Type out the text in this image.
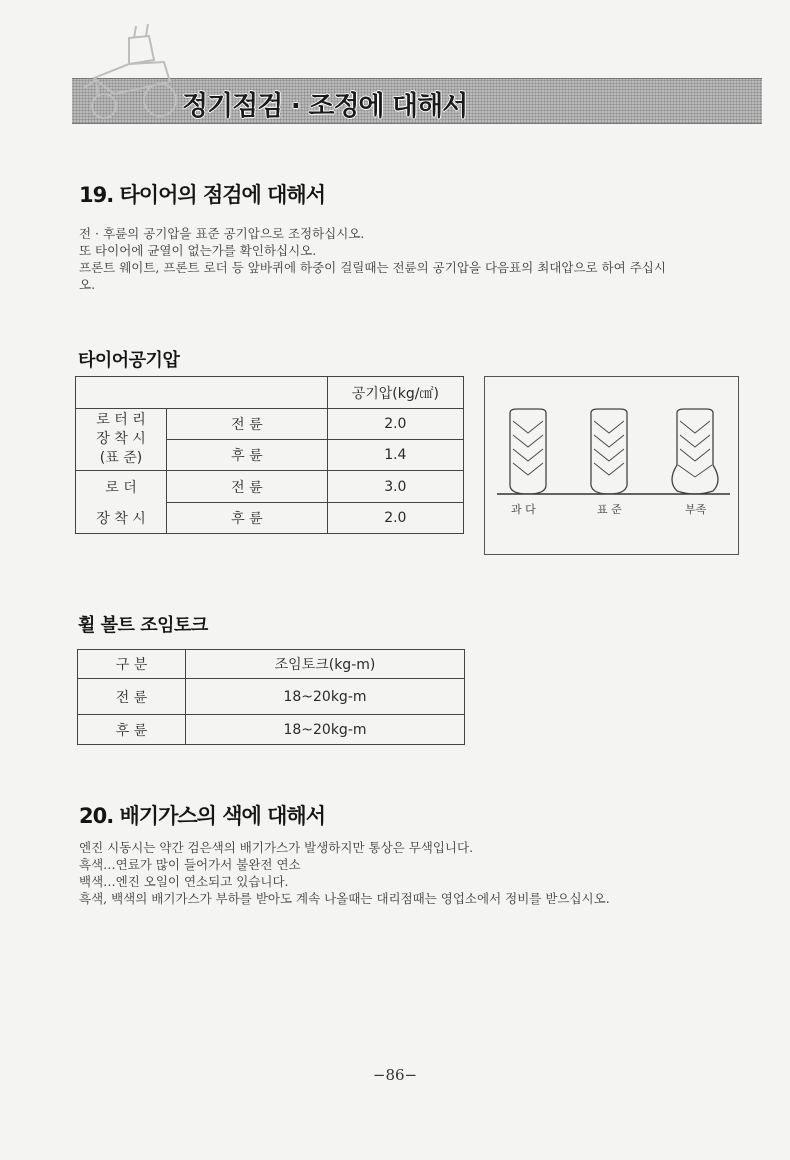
정기점검 · 조정에 대해서
19. 타이어의 점검에 대해서
전 · 후륜의 공기압을 표준 공기압으로 조정하십시오.
또 타이어에 균열이 없는가를 확인하십시오.
프론트 웨이트, 프론트 로더 등 앞바퀴에 하중이 걸릴때는 전륜의 공기압을 다음표의 최대압으로 하여 주십시
오.
타이어공기압
		공기압(kg/㎠)

로 터 리
장 착 시
(표 준)	전 륜	2.0
	후 륜	1.4
로 더	전 륜	3.0
장 착 시	후 륜	2.0
과 다	표 준	부족
휠 볼트 조임토크
구 분	조임토크(kg-m)
전 륜	18~20kg-m
후 륜	18~20kg-m
20. 배기가스의 색에 대해서
엔진 시동시는 약간 검은색의 배기가스가 발생하지만 통상은 무색입니다.
흑색…연료가 많이 들어가서 불완전 연소
백색…엔진 오일이 연소되고 있습니다.
흑색, 백색의 배기가스가 부하를 받아도 계속 나올때는 대리점때는 영업소에서 정비를 받으십시오.
−86−
